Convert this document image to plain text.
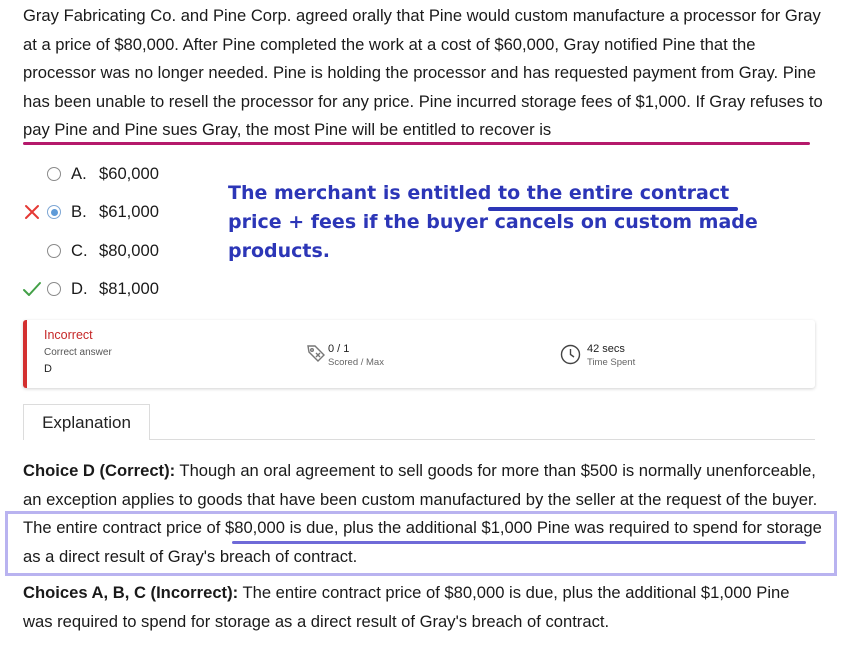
Gray Fabricating Co. and Pine Corp. agreed orally that Pine would custom manufacture a processor for Gray at a price of $80,000. After Pine completed the work at a cost of $60,000, Gray notified Pine that the processor was no longer needed. Pine is holding the processor and has requested payment from Gray. Pine has been unable to resell the processor for any price. Pine incurred storage fees of $1,000. If Gray refuses to pay Pine and Pine sues Gray, the most Pine will be entitled to recover is
A. $60,000
B. $61,000
C. $80,000
D. $81,000
The merchant is entitled to the entire contract price + fees if the buyer cancels on custom made products.
Incorrect
Correct answer
D
0 / 1
Scored / Max
42 secs
Time Spent
Explanation

Choice D (Correct): Though an oral agreement to sell goods for more than $500 is normally unenforceable, an exception applies to goods that have been custom manufactured by the seller at the request of the buyer. The entire contract price of $80,000 is due, plus the additional $1,000 Pine was required to spend for storage as a direct result of Gray's breach of contract.

Choices A, B, C (Incorrect): The entire contract price of $80,000 is due, plus the additional $1,000 Pine was required to spend for storage as a direct result of Gray's breach of contract.
